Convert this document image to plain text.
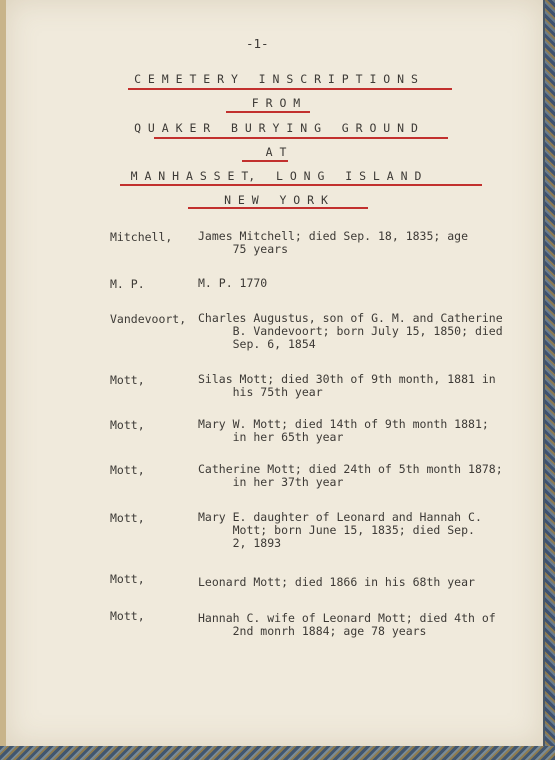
-1-
C E M E T E R Y   I N S C R I P T I O N S
F R O M
Q U A K E R   B U R Y I N G   G R O U N D
A T
M A N H A S S E T,   L O N G   I S L A N D
N E W   Y O R K
Mitchell, James Mitchell; died Sep. 18, 1835; age
75 years
M. P.	M. P. 1770
Vandevoort, Charles Augustus, son of G. M. and Catherine
B. Vandevoort; born July 15, 1850; died
Sep. 6, 1854
Mott,	Silas Mott; died 30th of 9th month, 1881 in
his 75th year
Mott,	Mary W. Mott; died 14th of 9th month 1881;
in her 65th year
Mott,	Catherine Mott; died 24th of 5th month 1878;
in her 37th year
Mott,	Mary E. daughter of Leonard and Hannah C.
Mott; born June 15, 1835; died Sep.
2, 1893
Mott,	Leonard Mott; died 1866 in his 68th year
Mott,	Hannah C. wife of Leonard Mott; died 4th of
2nd monrh 1884; age 78 years
